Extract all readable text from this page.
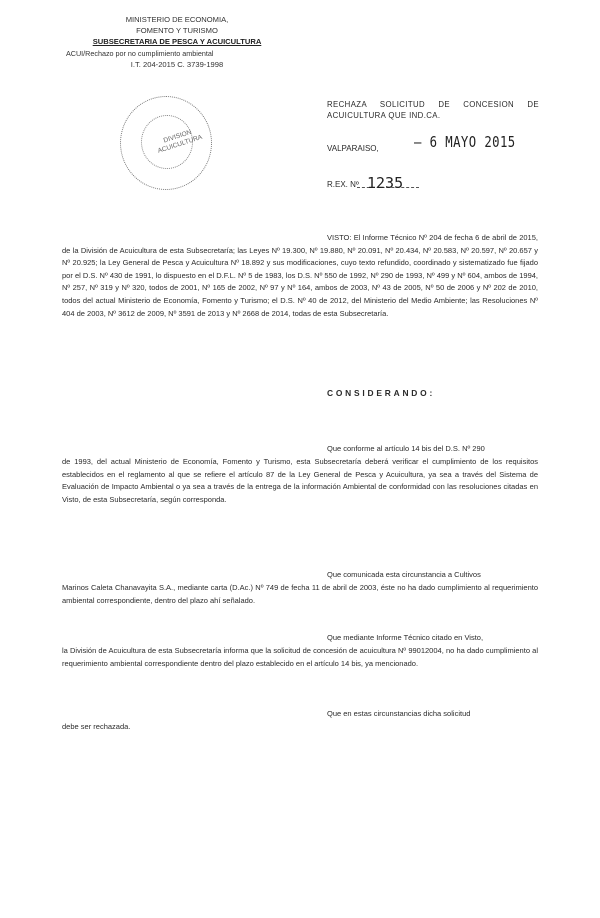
MINISTERIO DE ECONOMIA,
FOMENTO Y TURISMO
SUBSECRETARIA DE PESCA Y ACUICULTURA
ACUI/Rechazo por no cumplimiento ambiental
I.T. 204-2015 C. 3739-1998
DIVISION ACUICULTURA
RECHAZA SOLICITUD DE CONCESION DE ACUICULTURA QUE IND.CA.
VALPARAISO, – 6 MAYO 2015
R.EX. Nº 1235
VISTO: El Informe Técnico Nº 204 de fecha 6 de abril de 2015, de la División de Acuicultura de esta Subsecretaría; las Leyes Nº 19.300, Nº 19.880, Nº 20.091, Nº 20.434, Nº 20.583, Nº 20.597, Nº 20.657 y Nº 20.925; la Ley General de Pesca y Acuicultura Nº 18.892 y sus modificaciones, cuyo texto refundido, coordinado y sistematizado fue fijado por el D.S. Nº 430 de 1991, lo dispuesto en el D.F.L. Nº 5 de 1983, los D.S. Nº 550 de 1992, Nº 290 de 1993, Nº 499 y Nº 604, ambos de 1994, Nº 257, Nº 319 y Nº 320, todos de 2001, Nº 165 de 2002, Nº 97 y Nº 164, ambos de 2003, Nº 43 de 2005, Nº 50 de 2006 y Nº 202 de 2010, todos del actual Ministerio de Economía, Fomento y Turismo; el D.S. Nº 40 de 2012, del Ministerio del Medio Ambiente; las Resoluciones Nº 404 de 2003, Nº 3612 de 2009, Nº 3591 de 2013 y Nº 2668 de 2014, todas de esta Subsecretaría.
CONSIDERANDO:
Que conforme al artículo 14 bis del D.S. Nº 290
de 1993, del actual Ministerio de Economía, Fomento y Turismo, esta Subsecretaría deberá verificar el cumplimiento de los requisitos establecidos en el reglamento al que se refiere el artículo 87 de la Ley General de Pesca y Acuicultura, ya sea a través del Sistema de Evaluación de Impacto Ambiental o ya sea a través de la entrega de la información Ambiental de conformidad con las resoluciones citadas en Visto, de esta Subsecretaría, según corresponda.
Que comunicada esta circunstancia a Cultivos
Marinos Caleta Chanavayita S.A., mediante carta (D.Ac.) Nº 749 de fecha 11 de abril de 2003, éste no ha dado cumplimiento al requerimiento ambiental correspondiente, dentro del plazo ahí señalado.
Que mediante Informe Técnico citado en Visto,
la División de Acuicultura de esta Subsecretaría informa que la solicitud de concesión de acuicultura Nº 99012004, no ha dado cumplimiento al requerimiento ambiental correspondiente dentro del plazo establecido en el artículo 14 bis, ya mencionado.
Que en estas circunstancias dicha solicitud
debe ser rechazada.
